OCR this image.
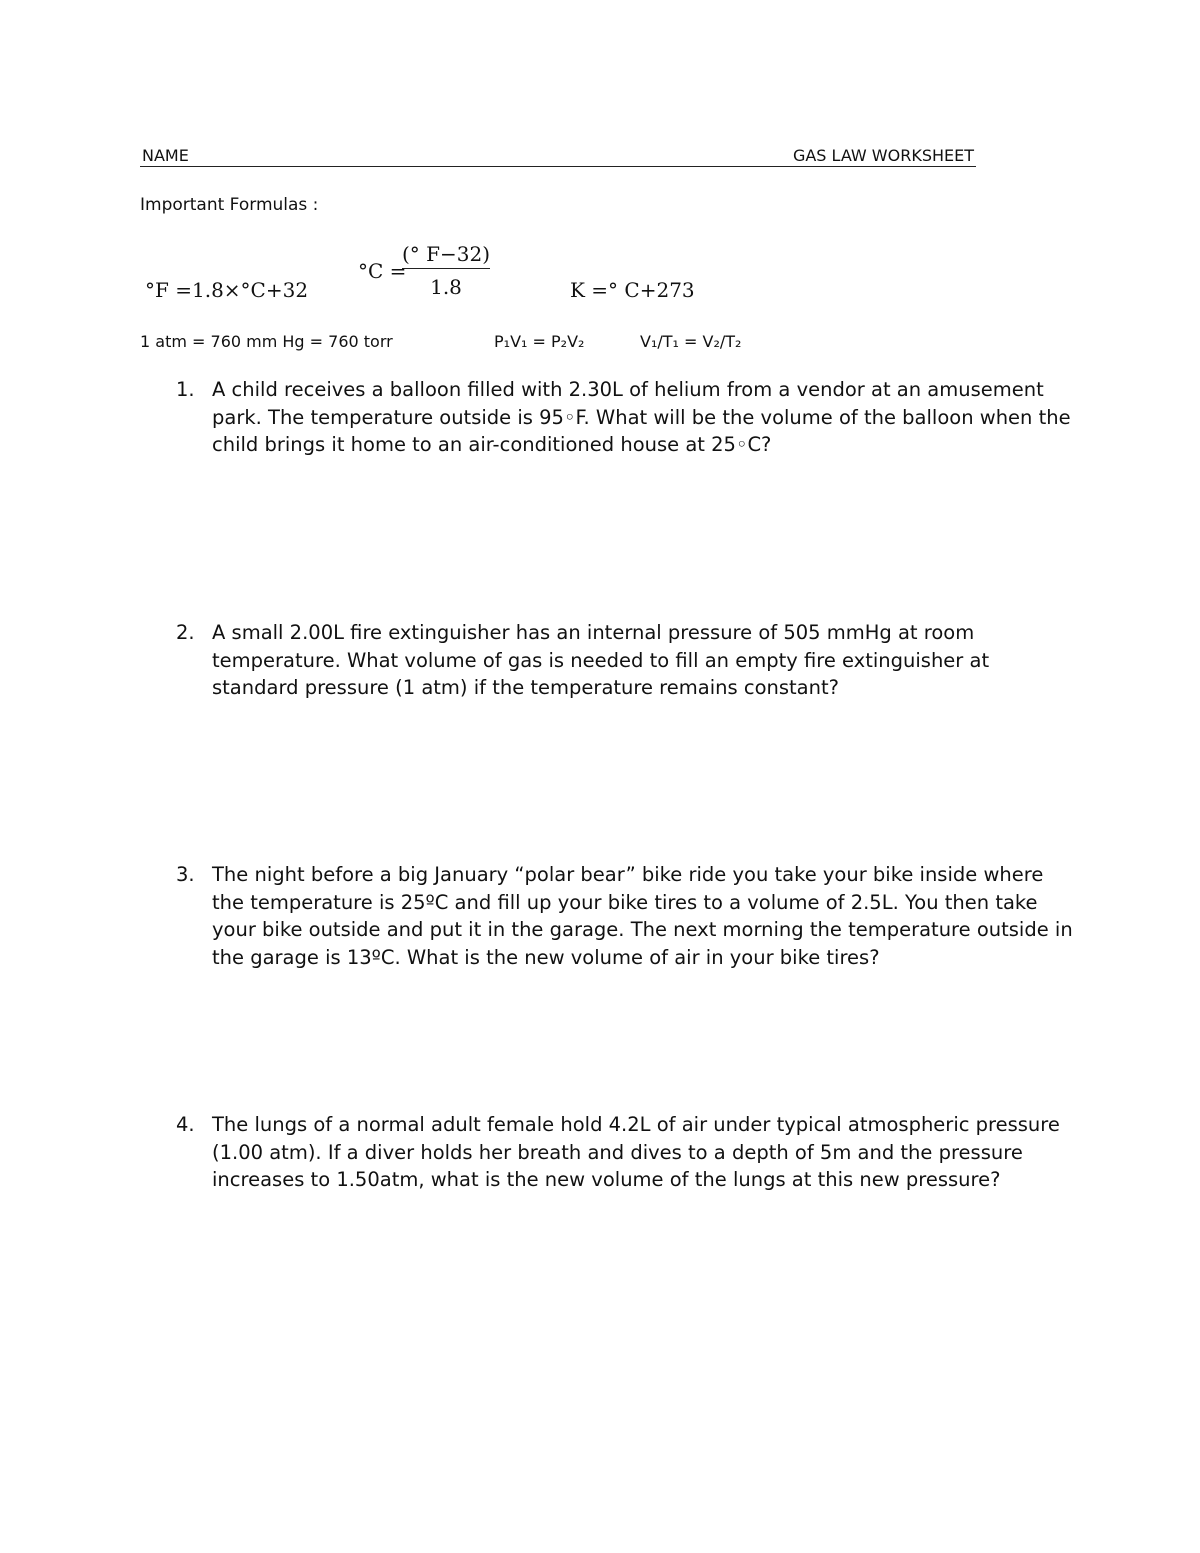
NAME	GAS LAW WORKSHEET
Important Formulas :
°F =1.8×°C+32
°C =
$\frac{(^\circ F-32)}{1.8}$	K =° C+273
1 atm = 760 mm Hg = 760 torr	P₁V₁ = P₂V₂	V₁/T₁ = V₂/T₂
1. A child receives a balloon filled with 2.30L of helium from a vendor at an amusement park. The temperature outside is 95◦F. What will be the volume of the balloon when the child brings it home to an air-conditioned house at 25◦C?
2. A small 2.00L fire extinguisher has an internal pressure of 505 mmHg at room temperature. What volume of gas is needed to fill an empty fire extinguisher at standard pressure (1 atm) if the temperature remains constant?
3. The night before a big January “polar bear” bike ride you take your bike inside where the temperature is 25ºC and fill up your bike tires to a volume of 2.5L. You then take your bike outside and put it in the garage. The next morning the temperature outside in the garage is 13ºC. What is the new volume of air in your bike tires?
4. The lungs of a normal adult female hold 4.2L of air under typical atmospheric pressure (1.00 atm). If a diver holds her breath and dives to a depth of 5m and the pressure increases to 1.50atm, what is the new volume of the lungs at this new pressure?
